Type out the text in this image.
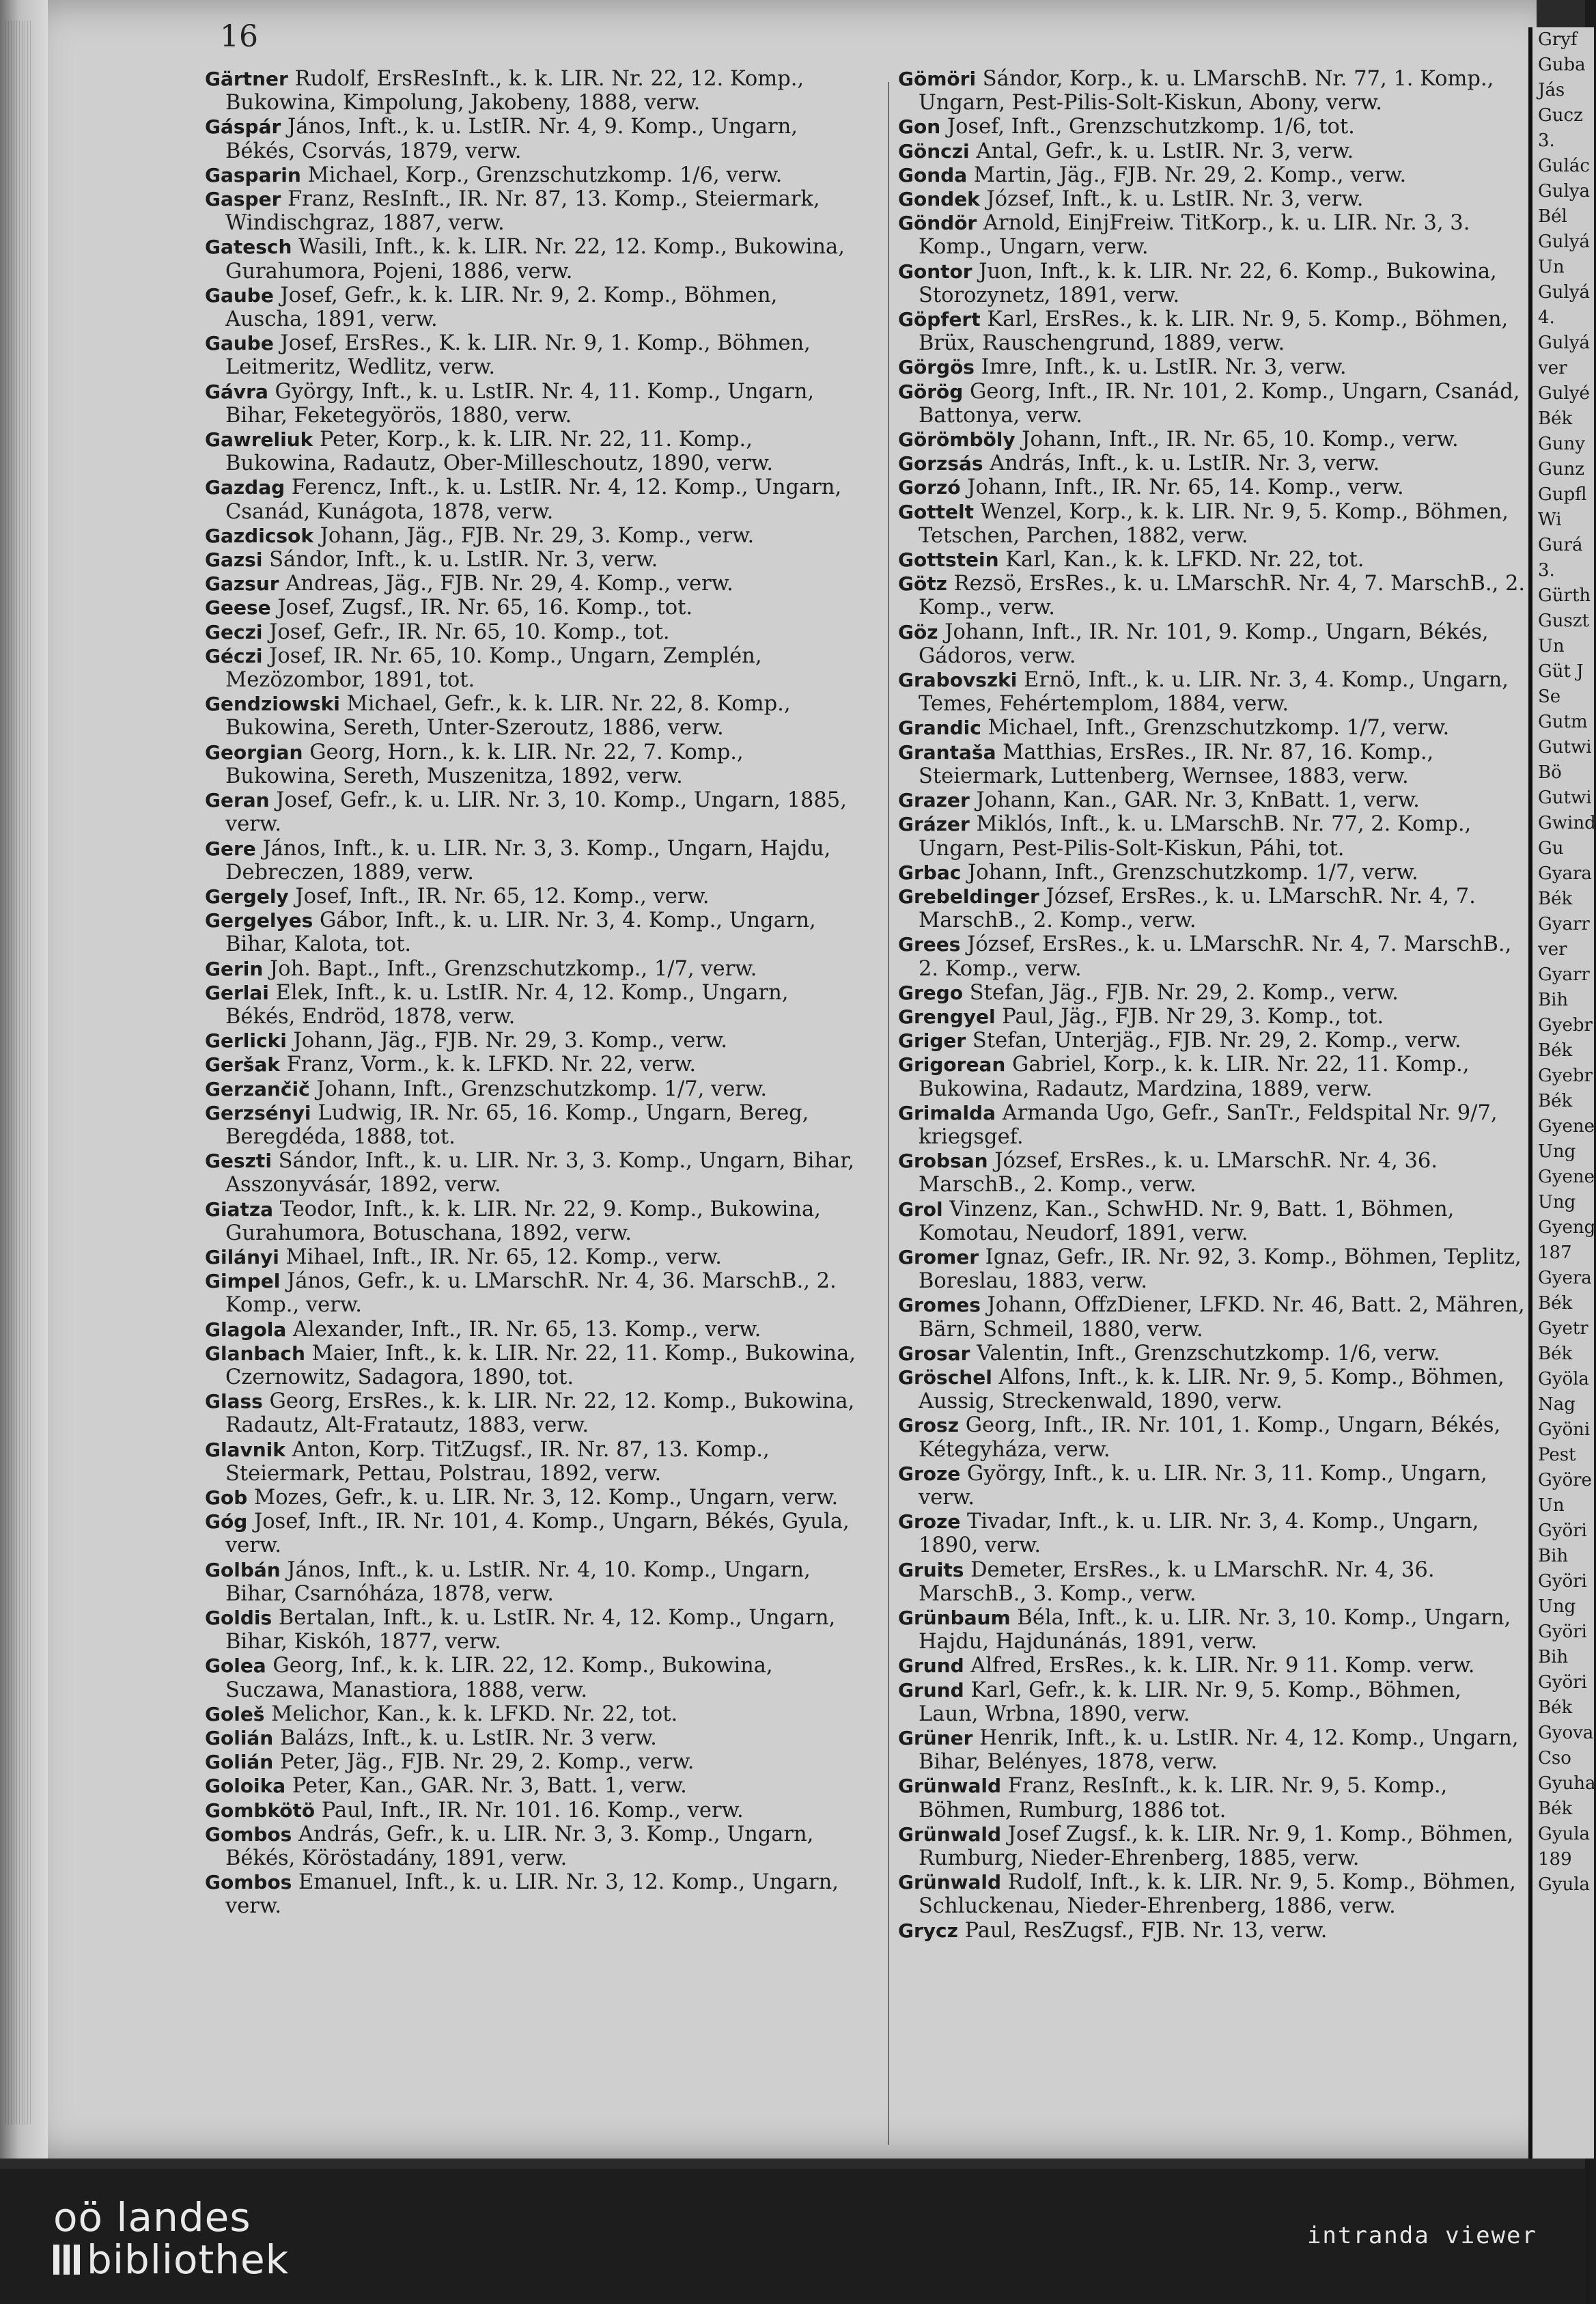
16

Gärtner Rudolf, ErsResInft., k. k. LIR. Nr. 22, 12. Komp., Bukowina, Kimpolung, Jakobeny, 1888, verw.

Gáspár János, Inft., k. u. LstIR. Nr. 4, 9. Komp., Ungarn, Békés, Csorvás, 1879, verw.

Gasparin Michael, Korp., Grenzschutzkomp. 1/6, verw.

Gasper Franz, ResInft., IR. Nr. 87, 13. Komp., Steiermark, Windischgraz, 1887, verw.

Gatesch Wasili, Inft., k. k. LIR. Nr. 22, 12. Komp., Bukowina, Gurahumora, Pojeni, 1886, verw.

Gaube Josef, Gefr., k. k. LIR. Nr. 9, 2. Komp., Böhmen, Auscha, 1891, verw.

Gaube Josef, ErsRes., K. k. LIR. Nr. 9, 1. Komp., Böhmen, Leitmeritz, Wedlitz, verw.

Gávra György, Inft., k. u. LstIR. Nr. 4, 11. Komp., Ungarn, Bihar, Feketegyörös, 1880, verw.

Gawreliuk Peter, Korp., k. k. LIR. Nr. 22, 11. Komp., Bukowina, Radautz, Ober-Milleschoutz, 1890, verw.

Gazdag Ferencz, Inft., k. u. LstIR. Nr. 4, 12. Komp., Ungarn, Csanád, Kunágota, 1878, verw.

Gazdicsok Johann, Jäg., FJB. Nr. 29, 3. Komp., verw.

Gazsi Sándor, Inft., k. u. LstIR. Nr. 3, verw.

Gazsur Andreas, Jäg., FJB. Nr. 29, 4. Komp., verw.

Geese Josef, Zugsf., IR. Nr. 65, 16. Komp., tot.

Geczi Josef, Gefr., IR. Nr. 65, 10. Komp., tot.

Géczi Josef, IR. Nr. 65, 10. Komp., Ungarn, Zemplén, Mezözombor, 1891, tot.

Gendziowski Michael, Gefr., k. k. LIR. Nr. 22, 8. Komp., Bukowina, Sereth, Unter-Szeroutz, 1886, verw.

Georgian Georg, Horn., k. k. LIR. Nr. 22, 7. Komp., Bukowina, Sereth, Muszenitza, 1892, verw.

Geran Josef, Gefr., k. u. LIR. Nr. 3, 10. Komp., Ungarn, 1885, verw.

Gere János, Inft., k. u. LIR. Nr. 3, 3. Komp., Ungarn, Hajdu, Debreczen, 1889, verw.

Gergely Josef, Inft., IR. Nr. 65, 12. Komp., verw.

Gergelyes Gábor, Inft., k. u. LIR. Nr. 3, 4. Komp., Ungarn, Bihar, Kalota, tot.

Gerin Joh. Bapt., Inft., Grenzschutzkomp., 1/7, verw.

Gerlai Elek, Inft., k. u. LstIR. Nr. 4, 12. Komp., Ungarn, Békés, Endröd, 1878, verw.

Gerlicki Johann, Jäg., FJB. Nr. 29, 3. Komp., verw.

Geršak Franz, Vorm., k. k. LFKD. Nr. 22, verw.

Gerzančič Johann, Inft., Grenzschutzkomp. 1/7, verw.

Gerzsényi Ludwig, IR. Nr. 65, 16. Komp., Ungarn, Bereg, Beregdéda, 1888, tot.

Geszti Sándor, Inft., k. u. LIR. Nr. 3, 3. Komp., Ungarn, Bihar, Asszonyvásár, 1892, verw.

Giatza Teodor, Inft., k. k. LIR. Nr. 22, 9. Komp., Bukowina, Gurahumora, Botuschana, 1892, verw.

Gilányi Mihael, Inft., IR. Nr. 65, 12. Komp., verw.

Gimpel János, Gefr., k. u. LMarschR. Nr. 4, 36. MarschB., 2. Komp., verw.

Glagola Alexander, Inft., IR. Nr. 65, 13. Komp., verw.

Glanbach Maier, Inft., k. k. LIR. Nr. 22, 11. Komp., Bukowina, Czernowitz, Sadagora, 1890, tot.

Glass Georg, ErsRes., k. k. LIR. Nr. 22, 12. Komp., Bukowina, Radautz, Alt-Fratautz, 1883, verw.

Glavnik Anton, Korp. TitZugsf., IR. Nr. 87, 13. Komp., Steiermark, Pettau, Polstrau, 1892, verw.

Gob Mozes, Gefr., k. u. LIR. Nr. 3, 12. Komp., Ungarn, verw.

Góg Josef, Inft., IR. Nr. 101, 4. Komp., Ungarn, Békés, Gyula, verw.

Golbán János, Inft., k. u. LstIR. Nr. 4, 10. Komp., Ungarn, Bihar, Csarnóháza, 1878, verw.

Goldis Bertalan, Inft., k. u. LstIR. Nr. 4, 12. Komp., Ungarn, Bihar, Kiskóh, 1877, verw.

Golea Georg, Inf., k. k. LIR. 22, 12. Komp., Bukowina, Suczawa, Manastiora, 1888, verw.

Goleš Melichor, Kan., k. k. LFKD. Nr. 22, tot.

Golián Balázs, Inft., k. u. LstIR. Nr. 3 verw.

Golián Peter, Jäg., FJB. Nr. 29, 2. Komp., verw.

Goloika Peter, Kan., GAR. Nr. 3, Batt. 1, verw.

Gombkötö Paul, Inft., IR. Nr. 101. 16. Komp., verw.

Gombos András, Gefr., k. u. LIR. Nr. 3, 3. Komp., Ungarn, Békés, Köröstadány, 1891, verw.

Gombos Emanuel, Inft., k. u. LIR. Nr. 3, 12. Komp., Ungarn, verw.

Gömöri Sándor, Korp., k. u. LMarschB. Nr. 77, 1. Komp., Ungarn, Pest-Pilis-Solt-Kiskun, Abony, verw.

Gon Josef, Inft., Grenzschutzkomp. 1/6, tot.

Gönczi Antal, Gefr., k. u. LstIR. Nr. 3, verw.

Gonda Martin, Jäg., FJB. Nr. 29, 2. Komp., verw.

Gondek József, Inft., k. u. LstIR. Nr. 3, verw.

Göndör Arnold, EinjFreiw. TitKorp., k. u. LIR. Nr. 3, 3. Komp., Ungarn, verw.

Gontor Juon, Inft., k. k. LIR. Nr. 22, 6. Komp., Bukowina, Storozynetz, 1891, verw.

Göpfert Karl, ErsRes., k. k. LIR. Nr. 9, 5. Komp., Böhmen, Brüx, Rauschengrund, 1889, verw.

Görgös Imre, Inft., k. u. LstIR. Nr. 3, verw.

Görög Georg, Inft., IR. Nr. 101, 2. Komp., Ungarn, Csanád, Battonya, verw.

Görömböly Johann, Inft., IR. Nr. 65, 10. Komp., verw.

Gorzsás András, Inft., k. u. LstIR. Nr. 3, verw.

Gorzó Johann, Inft., IR. Nr. 65, 14. Komp., verw.

Gottelt Wenzel, Korp., k. k. LIR. Nr. 9, 5. Komp., Böhmen, Tetschen, Parchen, 1882, verw.

Gottstein Karl, Kan., k. k. LFKD. Nr. 22, tot.

Götz Rezsö, ErsRes., k. u. LMarschR. Nr. 4, 7. MarschB., 2. Komp., verw.

Göz Johann, Inft., IR. Nr. 101, 9. Komp., Ungarn, Békés, Gádoros, verw.

Grabovszki Ernö, Inft., k. u. LIR. Nr. 3, 4. Komp., Ungarn, Temes, Fehértemplom, 1884, verw.

Grandic Michael, Inft., Grenzschutzkomp. 1/7, verw.

Grantaša Matthias, ErsRes., IR. Nr. 87, 16. Komp., Steiermark, Luttenberg, Wernsee, 1883, verw.

Grazer Johann, Kan., GAR. Nr. 3, KnBatt. 1, verw.

Grázer Miklós, Inft., k. u. LMarschB. Nr. 77, 2. Komp., Ungarn, Pest-Pilis-Solt-Kiskun, Páhi, tot.

Grbac Johann, Inft., Grenzschutzkomp. 1/7, verw.

Grebeldinger József, ErsRes., k. u. LMarschR. Nr. 4, 7. MarschB., 2. Komp., verw.

Grees József, ErsRes., k. u. LMarschR. Nr. 4, 7. MarschB., 2. Komp., verw.

Grego Stefan, Jäg., FJB. Nr. 29, 2. Komp., verw.

Grengyel Paul, Jäg., FJB. Nr 29, 3. Komp., tot.

Griger Stefan, Unterjäg., FJB. Nr. 29, 2. Komp., verw.

Grigorean Gabriel, Korp., k. k. LIR. Nr. 22, 11. Komp., Bukowina, Radautz, Mardzina, 1889, verw.

Grimalda Armanda Ugo, Gefr., SanTr., Feldspital Nr. 9/7, kriegsgef.

Grobsan József, ErsRes., k. u. LMarschR. Nr. 4, 36. MarschB., 2. Komp., verw.

Grol Vinzenz, Kan., SchwHD. Nr. 9, Batt. 1, Böhmen, Komotau, Neudorf, 1891, verw.

Gromer Ignaz, Gefr., IR. Nr. 92, 3. Komp., Böhmen, Teplitz, Boreslau, 1883, verw.

Gromes Johann, OffzDiener, LFKD. Nr. 46, Batt. 2, Mähren, Bärn, Schmeil, 1880, verw.

Grosar Valentin, Inft., Grenzschutzkomp. 1/6, verw.

Gröschel Alfons, Inft., k. k. LIR. Nr. 9, 5. Komp., Böhmen, Aussig, Streckenwald, 1890, verw.

Grosz Georg, Inft., IR. Nr. 101, 1. Komp., Ungarn, Békés, Kétegyháza, verw.

Groze György, Inft., k. u. LIR. Nr. 3, 11. Komp., Ungarn, verw.

Groze Tivadar, Inft., k. u. LIR. Nr. 3, 4. Komp., Ungarn, 1890, verw.

Gruits Demeter, ErsRes., k. u LMarschR. Nr. 4, 36. MarschB., 3. Komp., verw.

Grünbaum Béla, Inft., k. u. LIR. Nr. 3, 10. Komp., Ungarn, Hajdu, Hajdunánás, 1891, verw.

Grund Alfred, ErsRes., k. k. LIR. Nr. 9 11. Komp. verw.

Grund Karl, Gefr., k. k. LIR. Nr. 9, 5. Komp., Böhmen, Laun, Wrbna, 1890, verw.

Grüner Henrik, Inft., k. u. LstIR. Nr. 4, 12. Komp., Ungarn, Bihar, Belényes, 1878, verw.

Grünwald Franz, ResInft., k. k. LIR. Nr. 9, 5. Komp., Böhmen, Rumburg, 1886 tot.

Grünwald Josef Zugsf., k. k. LIR. Nr. 9, 1. Komp., Böhmen, Rumburg, Nieder-Ehrenberg, 1885, verw.

Grünwald Rudolf, Inft., k. k. LIR. Nr. 9, 5. Komp., Böhmen, Schluckenau, Nieder-Ehrenberg, 1886, verw.

Grycz Paul, ResZugsf., FJB. Nr. 13, verw.

Gryf
Guba
Jás
Gucz
3.
Gulác
Gulya
Bél
Gulyá
Un
Gulyá
4.
Gulyá
ver
Gulyé
Bék
Guny
Gunz
Gupfl
Wi
Gurá
3.
Gürth
Guszt
Un
Güt J
Se
Gutm
Gutwi
Bö
Gutwi
Gwind
Gu
Gyara
Bék
Gyarr
ver
Gyarr
Bih
Gyebr
Bék
Gyebr
Bék
Gyene
Ung
Gyene
Ung
Gyeng
187
Gyera
Bék
Gyetr
Bék
Gyöla
Nag
Gyöni
Pest
Györe
Un
Györi
Bih
Györi
Ung
Györi
Bih
Györi
Bék
Gyova
Cso
Gyuha
Bék
Gyula
189
Gyula
oö landes
bibliothek
intranda viewer
